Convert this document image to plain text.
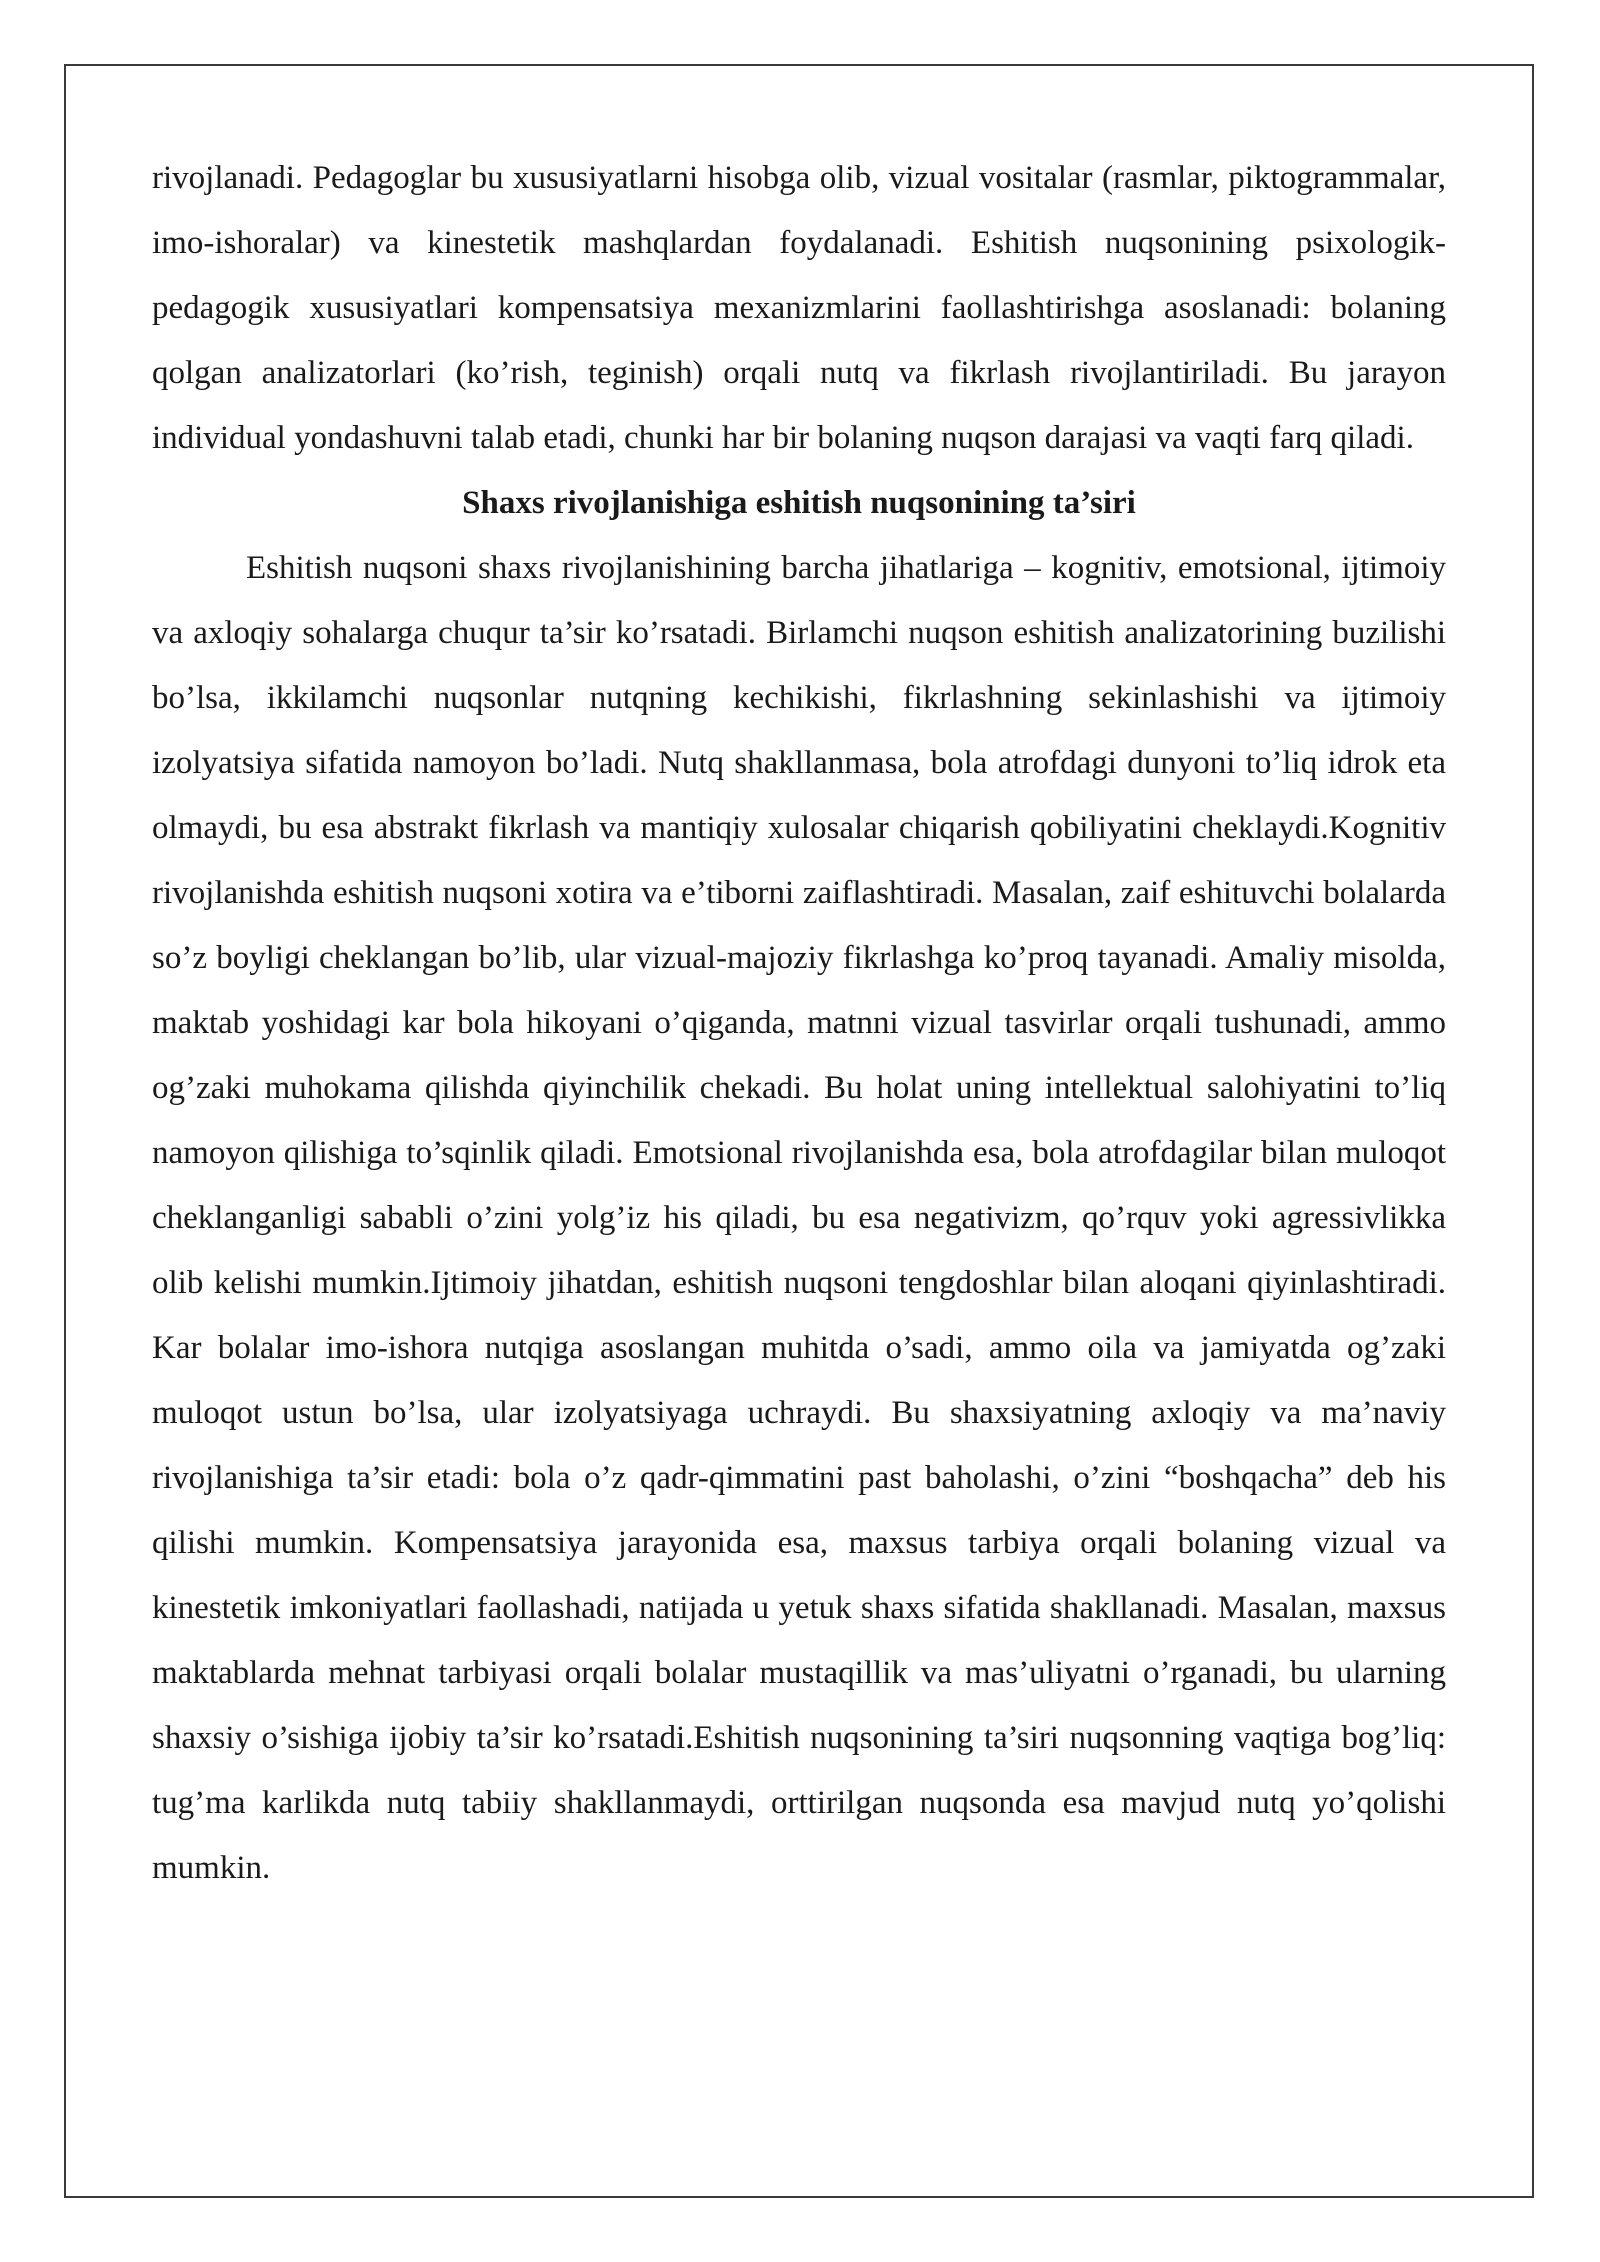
rivojlanadi. Pedagoglar bu xususiyatlarni hisobga olib, vizual vositalar (rasmlar, piktogrammalar, imo-ishoralar) va kinestetik mashqlardan foydalanadi. Eshitish nuqsonining psixologik-pedagogik xususiyatlari kompensatsiya mexanizmlarini faollashtirishga asoslanadi: bolaning qolgan analizatorlari (ko’rish, teginish) orqali nutq va fikrlash rivojlantiriladi. Bu jarayon individual yondashuvni talab etadi, chunki har bir bolaning nuqson darajasi va vaqti farq qiladi.

Shaxs rivojlanishiga eshitish nuqsonining ta’siri

Eshitish nuqsoni shaxs rivojlanishining barcha jihatlariga – kognitiv, emotsional, ijtimoiy va axloqiy sohalarga chuqur ta’sir ko’rsatadi. Birlamchi nuqson eshitish analizatorining buzilishi bo’lsa, ikkilamchi nuqsonlar nutqning kechikishi, fikrlashning sekinlashishi va ijtimoiy izolyatsiya sifatida namoyon bo’ladi. Nutq shakllanmasa, bola atrofdagi dunyoni to’liq idrok eta olmaydi, bu esa abstrakt fikrlash va mantiqiy xulosalar chiqarish qobiliyatini cheklaydi.Kognitiv rivojlanishda eshitish nuqsoni xotira va e’tiborni zaiflashtiradi. Masalan, zaif eshituvchi bolalarda so’z boyligi cheklangan bo’lib, ular vizual-majoziy fikrlashga ko’proq tayanadi. Amaliy misolda, maktab yoshidagi kar bola hikoyani o’qiganda, matnni vizual tasvirlar orqali tushunadi, ammo og’zaki muhokama qilishda qiyinchilik chekadi. Bu holat uning intellektual salohiyatini to’liq namoyon qilishiga to’sqinlik qiladi. Emotsional rivojlanishda esa, bola atrofdagilar bilan muloqot cheklanganligi sababli o’zini yolg’iz his qiladi, bu esa negativizm, qo’rquv yoki agressivlikka olib kelishi mumkin.Ijtimoiy jihatdan, eshitish nuqsoni tengdoshlar bilan aloqani qiyinlashtiradi. Kar bolalar imo-ishora nutqiga asoslangan muhitda o’sadi, ammo oila va jamiyatda og’zaki muloqot ustun bo’lsa, ular izolyatsiyaga uchraydi. Bu shaxsiyatning axloqiy va ma’naviy rivojlanishiga ta’sir etadi: bola o’z qadr-qimmatini past baholashi, o’zini “boshqacha” deb his qilishi mumkin. Kompensatsiya jarayonida esa, maxsus tarbiya orqali bolaning vizual va kinestetik imkoniyatlari faollashadi, natijada u yetuk shaxs sifatida shakllanadi. Masalan, maxsus maktablarda mehnat tarbiyasi orqali bolalar mustaqillik va mas’uliyatni o’rganadi, bu ularning shaxsiy o’sishiga ijobiy ta’sir ko’rsatadi.Eshitish nuqsonining ta’siri nuqsonning vaqtiga bog’liq: tug’ma karlikda nutq tabiiy shakllanmaydi, orttirilgan nuqsonda esa mavjud nutq yo’qolishi mumkin.
